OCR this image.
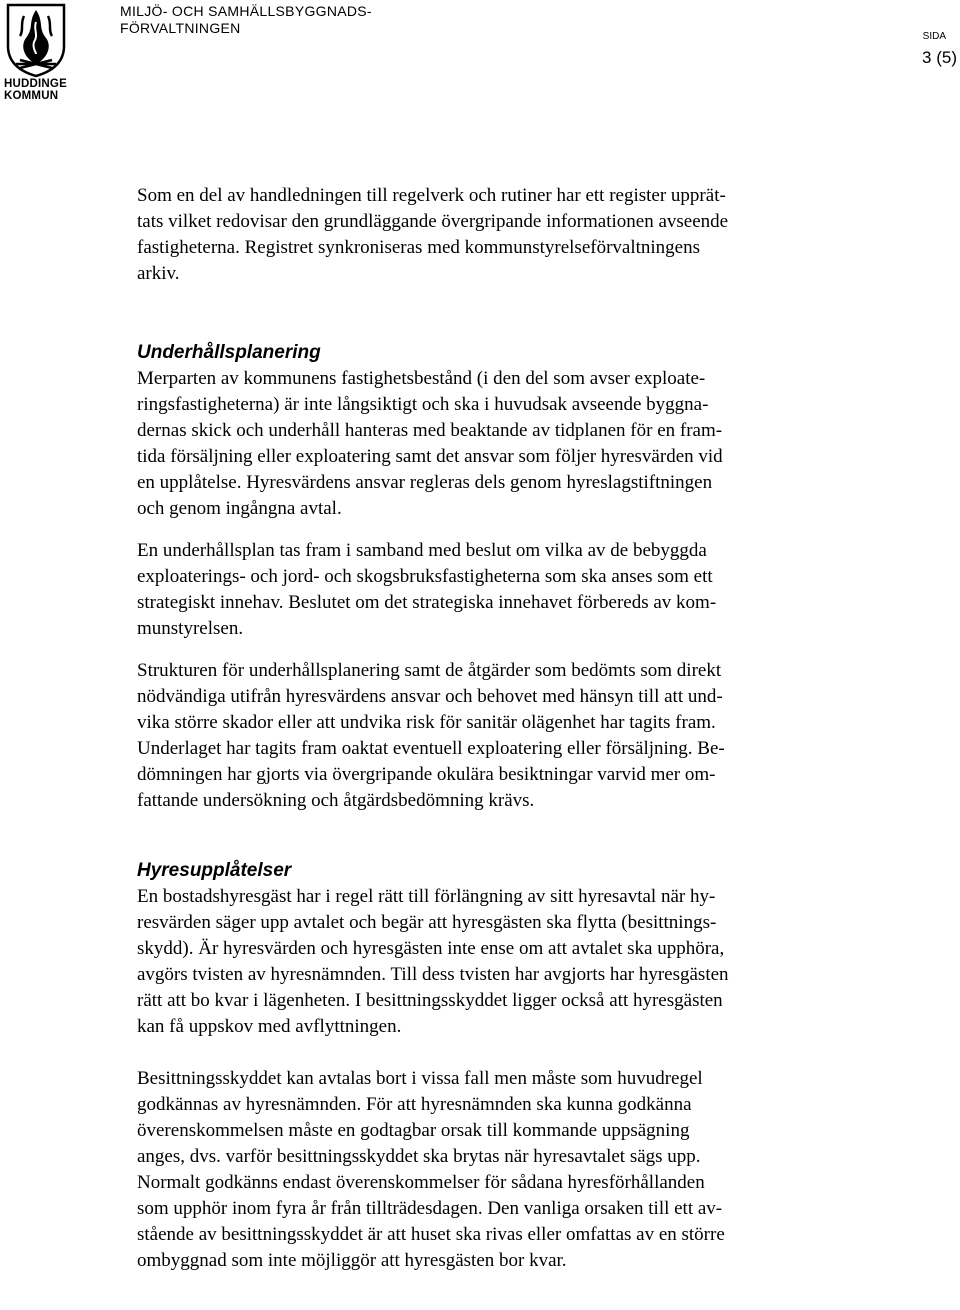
HUDDINGE
KOMMUN
MILJÖ- OCH SAMHÄLLSBYGGNADS-
FÖRVALTNINGEN
SIDA
3 (5)

Som en del av handledningen till regelverk och rutiner har ett register upprät-
tats vilket redovisar den grundläggande övergripande informationen avseende
fastigheterna. Registret synkroniseras med kommunstyrelseförvaltningens
arkiv.

Underhållsplanering

Merparten av kommunens fastighetsbestånd (i den del som avser exploate-
ringsfastigheterna) är inte långsiktigt och ska i huvudsak avseende byggna-
dernas skick och underhåll hanteras med beaktande av tidplanen för en fram-
tida försäljning eller exploatering samt det ansvar som följer hyresvärden vid
en upplåtelse. Hyresvärdens ansvar regleras dels genom hyreslagstiftningen
och genom ingångna avtal.

En underhållsplan tas fram i samband med beslut om vilka av de bebyggda
exploaterings- och jord- och skogsbruksfastigheterna som ska anses som ett
strategiskt innehav. Beslutet om det strategiska innehavet förbereds av kom-
munstyrelsen.

Strukturen för underhållsplanering samt de åtgärder som bedömts som direkt
nödvändiga utifrån hyresvärdens ansvar och behovet med hänsyn till att und-
vika större skador eller att undvika risk för sanitär olägenhet har tagits fram.
Underlaget har tagits fram oaktat eventuell exploatering eller försäljning. Be-
dömningen har gjorts via övergripande okulära besiktningar varvid mer om-
fattande undersökning och åtgärdsbedömning krävs.

Hyresupplåtelser

En bostadshyresgäst har i regel rätt till förlängning av sitt hyresavtal när hy-
resvärden säger upp avtalet och begär att hyresgästen ska flytta (besittnings-
skydd). Är hyresvärden och hyresgästen inte ense om att avtalet ska upphöra,
avgörs tvisten av hyresnämnden. Till dess tvisten har avgjorts har hyresgästen
rätt att bo kvar i lägenheten. I besittningsskyddet ligger också att hyresgästen
kan få uppskov med avflyttningen.

Besittningsskyddet kan avtalas bort i vissa fall men måste som huvudregel
godkännas av hyresnämnden. För att hyresnämnden ska kunna godkänna
överenskommelsen måste en godtagbar orsak till kommande uppsägning
anges, dvs. varför besittningsskyddet ska brytas när hyresavtalet sägs upp.
Normalt godkänns endast överenskommelser för sådana hyresförhållanden
som upphör inom fyra år från tillträdesdagen. Den vanliga orsaken till ett av-
stående av besittningsskyddet är att huset ska rivas eller omfattas av en större
ombyggnad som inte möjliggör att hyresgästen bor kvar.
